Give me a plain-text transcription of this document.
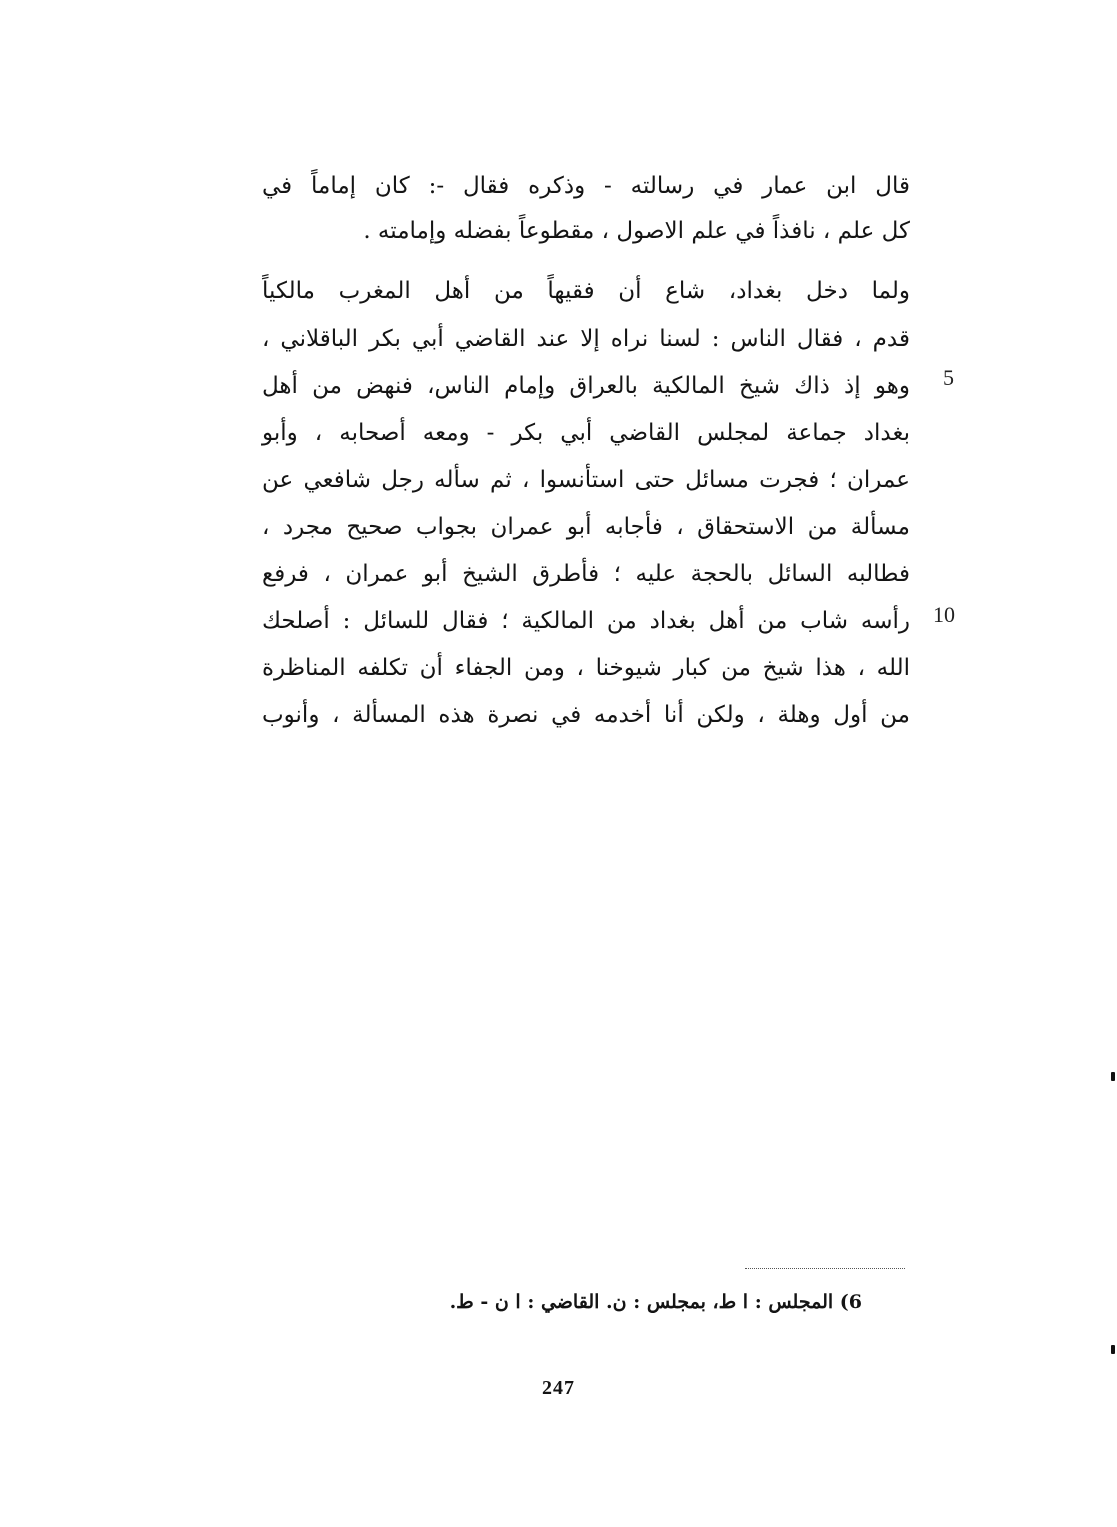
قال ابن عمار في رسالته - وذكره فقال -: كان إماماً في
كل علم ، نافذاً في علم الاصول ، مقطوعاً بفضله وإمامته .
ولما دخل بغداد، شاع أن فقيهاً من أهل المغرب مالكياً
قدم ، فقال الناس : لسنا نراه إلا عند القاضي أبي بكر الباقلاني ،
وهو إذ ذاك شيخ المالكية بالعراق وإمام الناس، فنهض من أهل
بغداد جماعة لمجلس القاضي أبي بكر - ومعه أصحابه ، وأبو
عمران ؛ فجرت مسائل حتى استأنسوا ، ثم سأله رجل شافعي عن
مسألة من الاستحقاق ، فأجابه أبو عمران بجواب صحيح مجرد ،
فطالبه السائل بالحجة عليه ؛ فأطرق الشيخ أبو عمران ، فرفع
رأسه شاب من أهل بغداد من المالكية ؛ فقال للسائل : أصلحك
الله ، هذا شيخ من كبار شيوخنا ، ومن الجفاء أن تكلفه المناظرة
من أول وهلة ، ولكن أنا أخدمه في نصرة هذه المسألة ، وأنوب
5
10
6) المجلس : ا ط، بمجلس : ن. القاضي : ا ن - ط.
247
